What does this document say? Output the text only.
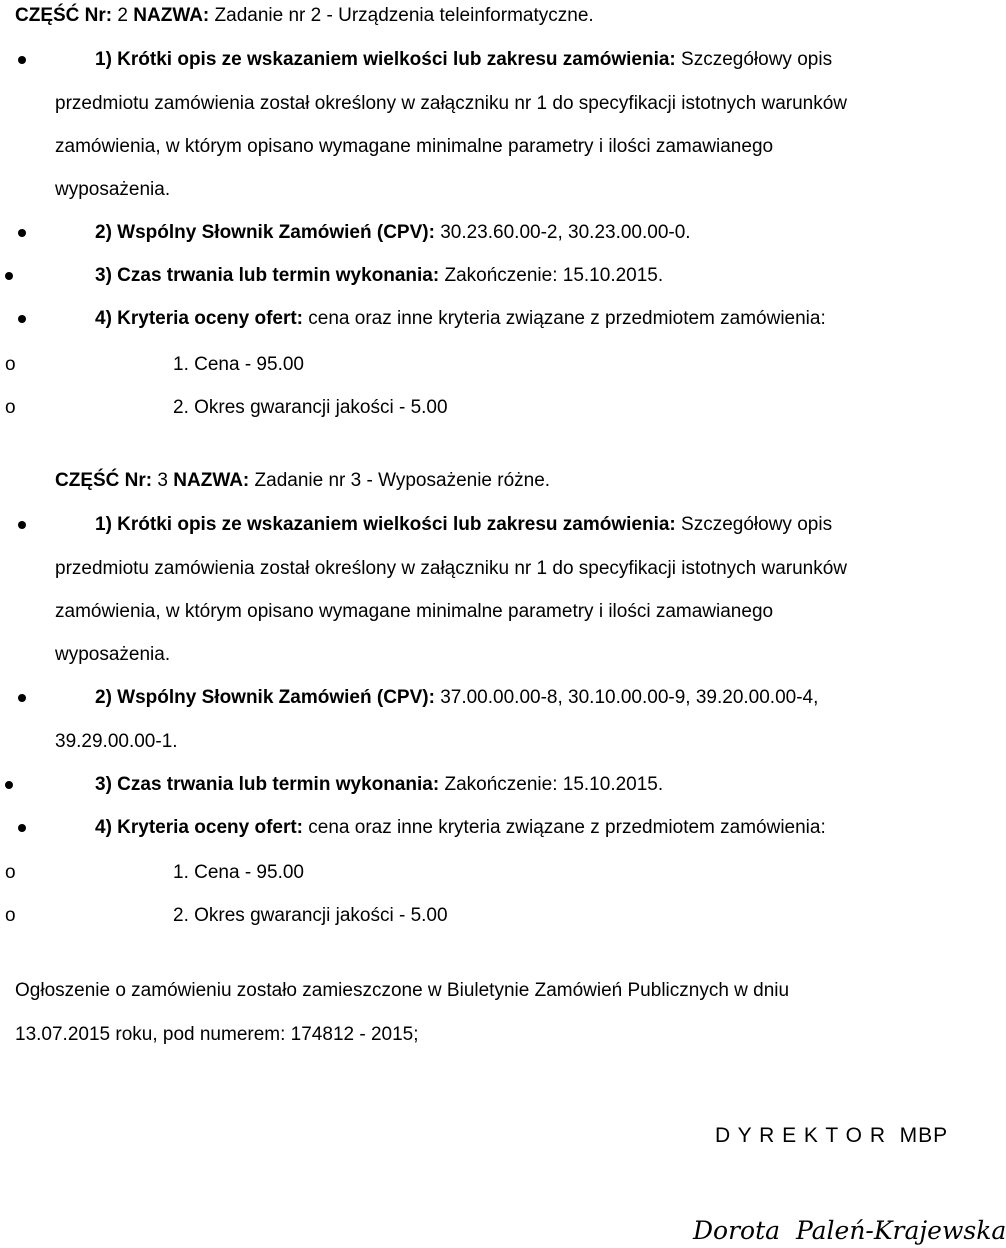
CZĘŚĆ Nr: 2 NAZWA: Zadanie nr 2 - Urządzenia teleinformatyczne.
1) Krótki opis ze wskazaniem wielkości lub zakresu zamówienia: Szczegółowy opis
przedmiotu zamówienia został określony w załączniku nr 1 do specyfikacji istotnych warunków
zamówienia, w którym opisano wymagane minimalne parametry i ilości zamawianego
wyposażenia.
2) Wspólny Słownik Zamówień (CPV): 30.23.60.00-2, 30.23.00.00-0.
3) Czas trwania lub termin wykonania: Zakończenie: 15.10.2015.
4) Kryteria oceny ofert: cena oraz inne kryteria związane z przedmiotem zamówienia:
o	1. Cena - 95.00
o	2. Okres gwarancji jakości - 5.00
CZĘŚĆ Nr: 3 NAZWA: Zadanie nr 3 - Wyposażenie różne.
1) Krótki opis ze wskazaniem wielkości lub zakresu zamówienia: Szczegółowy opis
przedmiotu zamówienia został określony w załączniku nr 1 do specyfikacji istotnych warunków
zamówienia, w którym opisano wymagane minimalne parametry i ilości zamawianego
wyposażenia.
2) Wspólny Słownik Zamówień (CPV): 37.00.00.00-8, 30.10.00.00-9, 39.20.00.00-4,
39.29.00.00-1.
3) Czas trwania lub termin wykonania: Zakończenie: 15.10.2015.
4) Kryteria oceny ofert: cena oraz inne kryteria związane z przedmiotem zamówienia:
o	1. Cena - 95.00
o	2. Okres gwarancji jakości - 5.00
Ogłoszenie o zamówieniu zostało zamieszczone w Biuletynie Zamówień Publicznych w dniu
13.07.2015 roku, pod numerem: 174812 - 2015;
D Y R E K T O R  MBP
Dorota  Paleń-Krajewska
